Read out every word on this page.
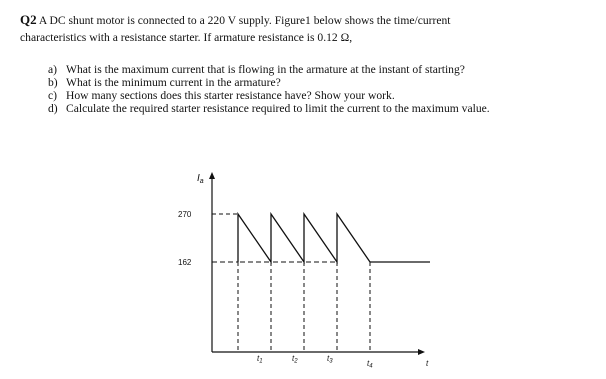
Q2 A DC shunt motor is connected to a 220 V supply. Figure1 below shows the time/current
characteristics with a resistance starter. If armature resistance is 0.12 Ω,
a) What is the maximum current that is flowing in the armature at the instant of starting?
b) What is the minimum current in the armature?
c) How many sections does this starter resistance have? Show your work.
d) Calculate the required starter resistance required to limit the current to the maximum value.
$I_a$
270
162
t1	t2	t3	t4	t
